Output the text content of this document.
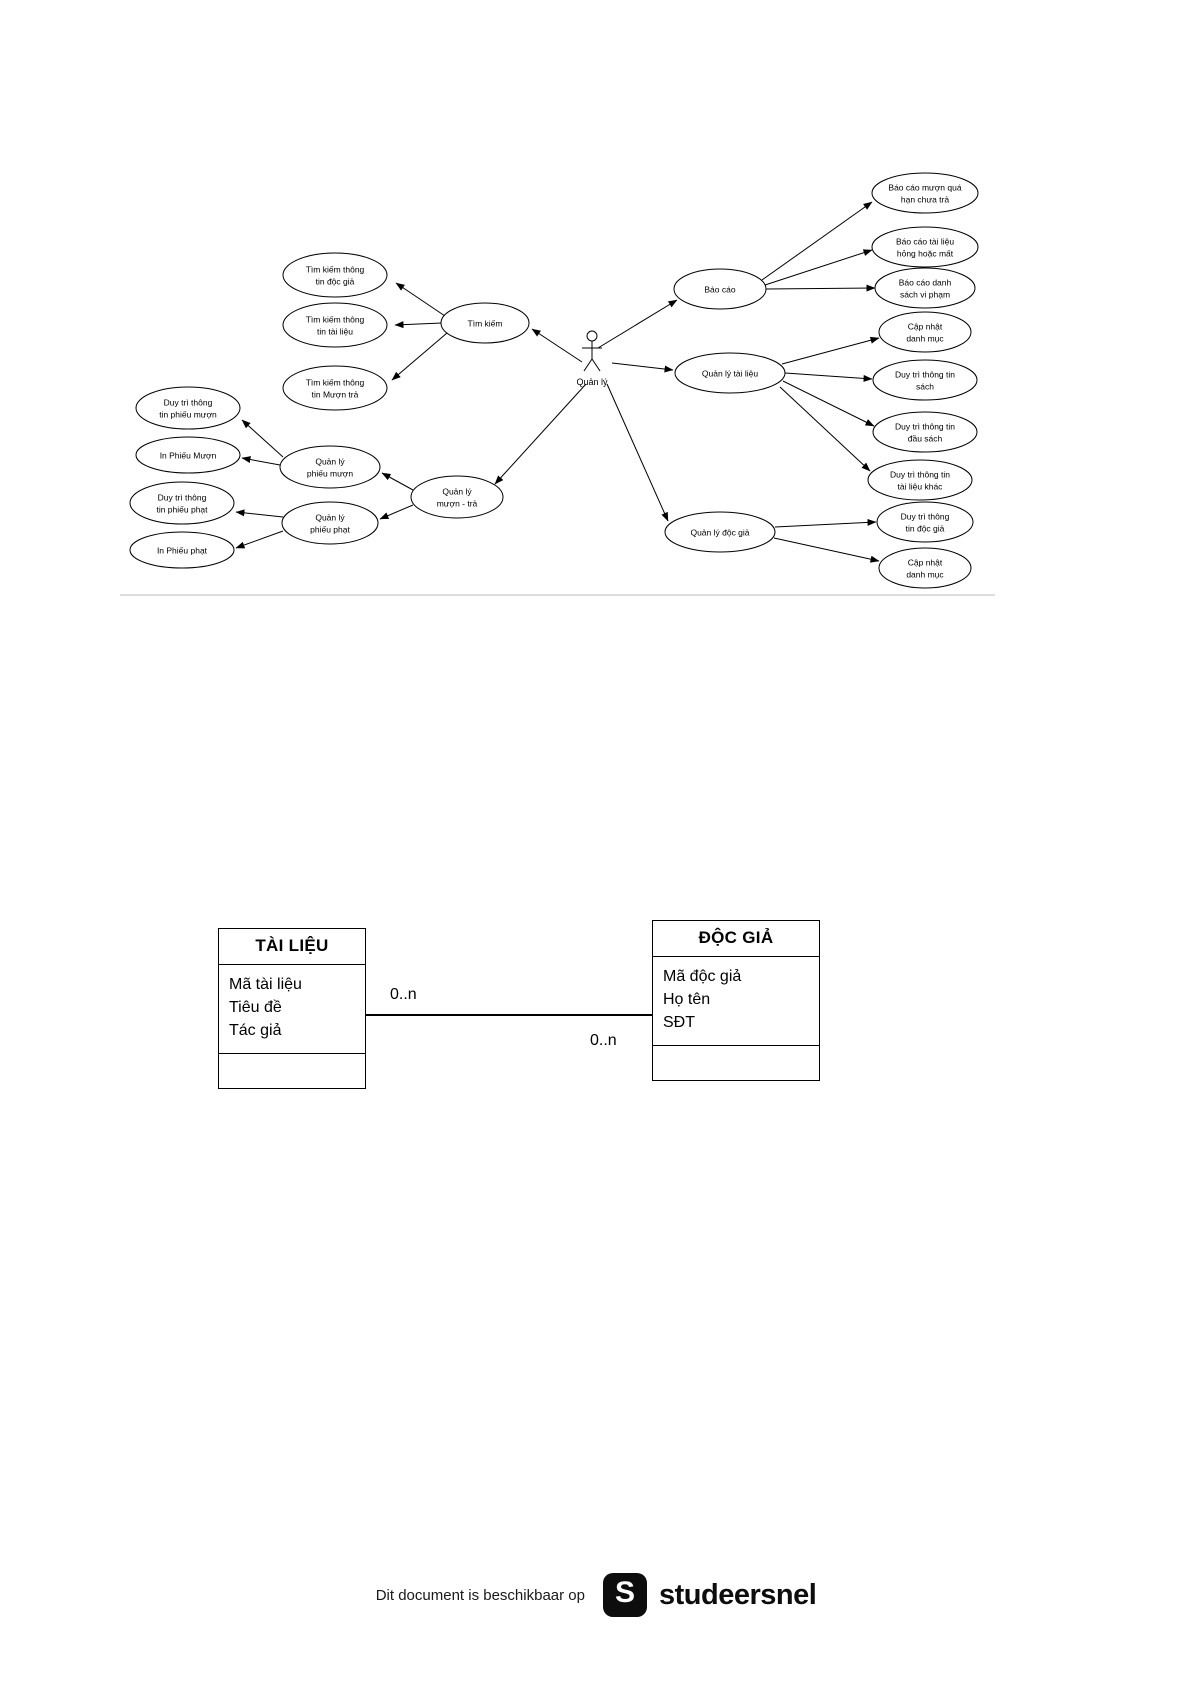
Quản lý
Tìm kiếm thông
tin độc giả
Tìm kiếm thông
tin tài liệu
Tìm kiếm thông
tin Mượn trả
Tìm kiếm
Duy trì thông
tin phiếu mượn
In Phiếu Mượn
Quản lý
phiếu mượn
Duy trì thông
tin phiếu phạt
In Phiếu phạt
Quản lý
phiếu phạt
Quản lý
mượn - trả
Báo cáo
Báo cáo mượn quá
hạn chưa trả
Báo cáo tài liệu
hỏng hoặc mất
Báo cáo danh
sách vi phạm
Quản lý tài liệu
Cập nhật
danh mục
Duy trì thông tin
sách
Duy trì thông tin
đầu sách
Duy trì thông tin
tài liệu khác
Quản lý độc giả
Duy trì thông
tin độc giả
Cập nhật
danh mục
TÀI LIỆU
Mã tài liệu
Tiêu đề
Tác giả
ĐỘC GIẢ
Mã độc giả
Họ tên
SĐT
0..n
0..n
Dit document is beschikbaar op S studeersnel
